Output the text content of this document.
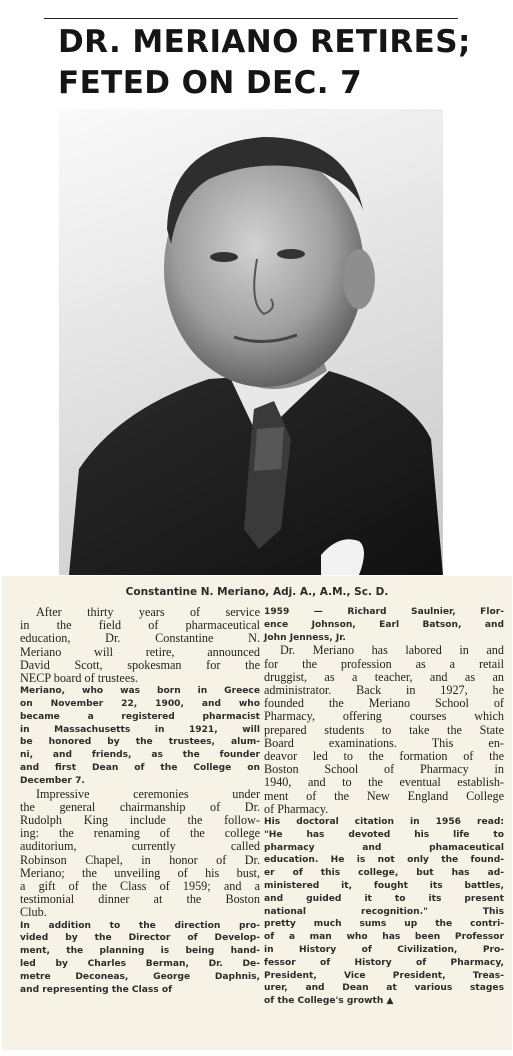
DR. MERIANO RETIRES;
FETED ON DEC. 7

Constantine N. Meriano, Adj. A., A.M., Sc. D.

After thirty years of service
in the field of pharmaceutical
education, Dr. Constantine N.
Meriano will retire, announced
David Scott, spokesman for the
NECP board of trustees.

Meriano, who was born in Greece
on November 22, 1900, and who
became a registered pharmacist
in Massachusetts in 1921, will
be honored by the trustees, alum-
ni, and friends, as the founder
and first Dean of the College on
December 7.

Impressive ceremonies under
the general chairmanship of Dr.
Rudolph King include the follow-
ing: the renaming of the college
auditorium, currently called
Robinson Chapel, in honor of Dr.
Meriano; the unveiling of his bust,
a gift of the Class of 1959; and a
testimonial dinner at the Boston
Club.

In addition to the direction pro-
vided by the Director of Develop-
ment, the planning is being hand-
led by Charles Berman, Dr. De-
metre Deconeas, George Daphnis,
and representing the Class of

1959 — Richard Saulnier, Flor-
ence Johnson, Earl Batson, and
John Jenness, Jr.

Dr. Meriano has labored in and
for the profession as a retail
druggist, as a teacher, and as an
administrator. Back in 1927, he
founded the Meriano School of
Pharmacy, offering courses which
prepared students to take the State
Board examinations. This en-
deavor led to the formation of the
Boston School of Pharmacy in
1940, and to the eventual establish-
ment of the New England College
of Pharmacy.

His doctoral citation in 1956 read:
"He has devoted his life to
pharmacy and phamaceutical
education. He is not only the found-
er of this college, but has ad-
ministered it, fought its battles,
and guided it to its present
national recognition." This
pretty much sums up the contri-
of a man who has been Professor
in History of Civilization, Pro-
fessor of History of Pharmacy,
President, Vice President, Treas-
urer, and Dean at various stages
of the College's growth ▲
